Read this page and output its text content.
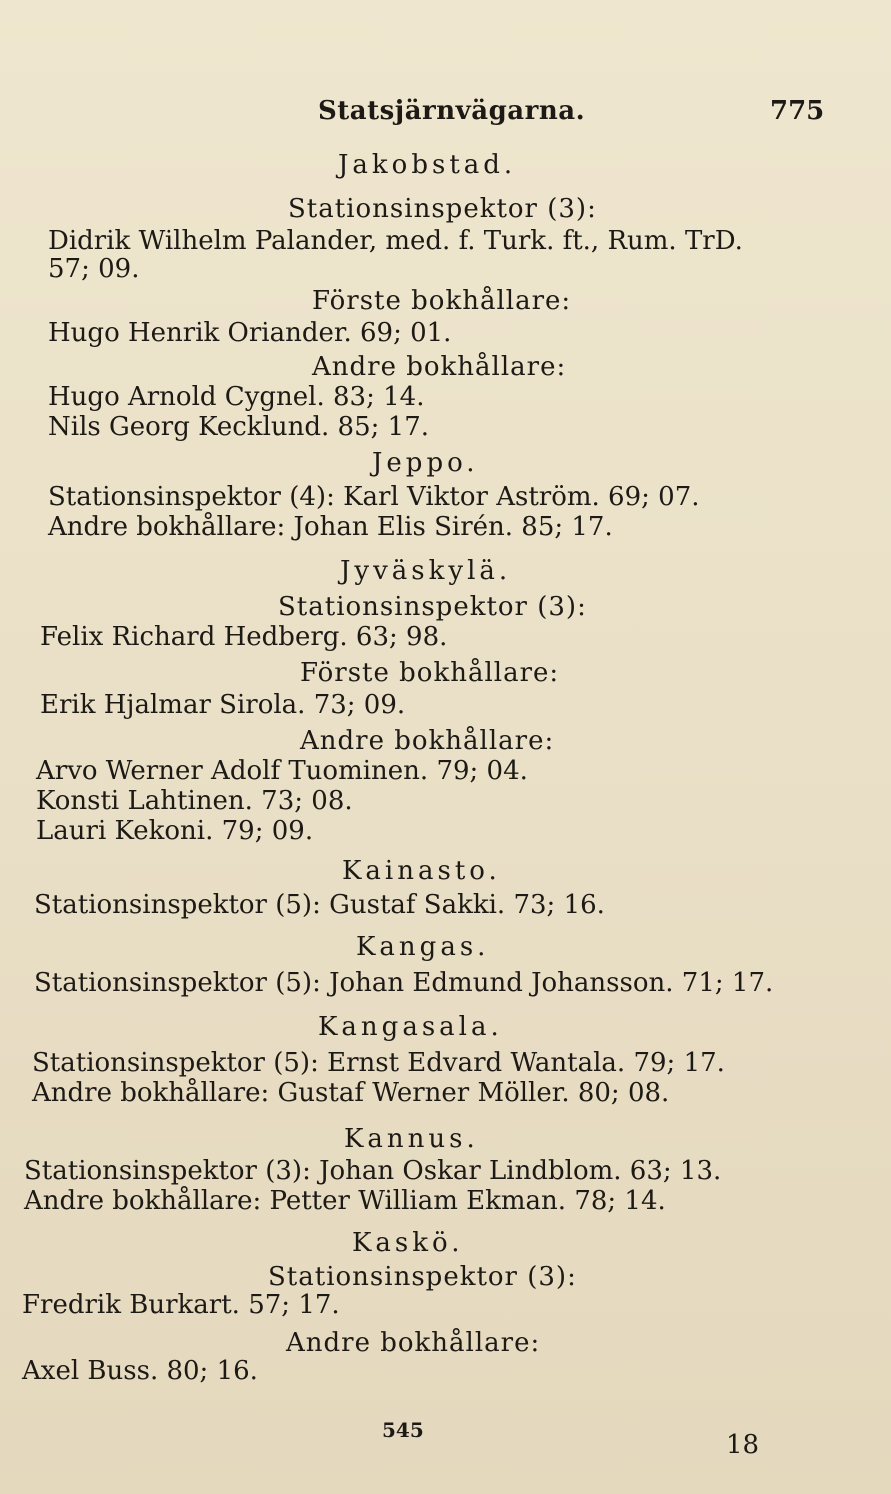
Statsjärnvägarna.	775
Jakobstad.
Stationsinspektor (3):
Didrik Wilhelm Palander, med. f. Turk. ft., Rum. TrD.
57; 09.
Förste bokhållare:
Hugo Henrik Oriander. 69; 01.
Andre bokhållare:
Hugo Arnold Cygnel. 83; 14.
Nils Georg Kecklund. 85; 17.
Jeppo.
Stationsinspektor (4): Karl Viktor Aström. 69; 07.
Andre bokhållare: Johan Elis Sirén. 85; 17.
Jyväskylä.
Stationsinspektor (3):
Felix Richard Hedberg. 63; 98.
Förste bokhållare:
Erik Hjalmar Sirola. 73; 09.
Andre bokhållare:
Arvo Werner Adolf Tuominen. 79; 04.
Konsti Lahtinen. 73; 08.
Lauri Kekoni. 79; 09.
Kainasto.
Stationsinspektor (5): Gustaf Sakki. 73; 16.
Kangas.
Stationsinspektor (5): Johan Edmund Johansson. 71; 17.
Kangasala.
Stationsinspektor (5): Ernst Edvard Wantala. 79; 17.
Andre bokhållare: Gustaf Werner Möller. 80; 08.
Kannus.
Stationsinspektor (3): Johan Oskar Lindblom. 63; 13.
Andre bokhållare: Petter William Ekman. 78; 14.
Kaskö.
Stationsinspektor (3):
Fredrik Burkart. 57; 17.
Andre bokhållare:
Axel Buss. 80; 16.
545	18
